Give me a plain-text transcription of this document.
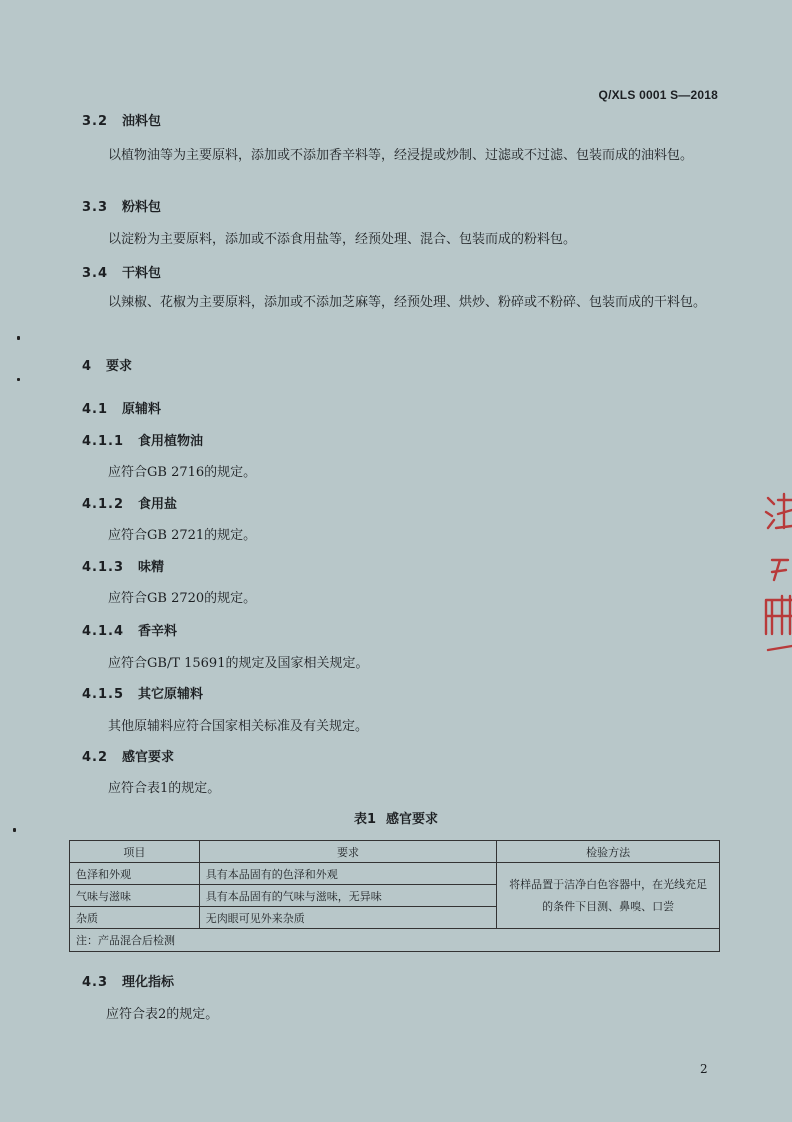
Q/XLS 0001 S—2018
3.2 油料包
以植物油等为主要原料，添加或不添加香辛料等，经浸提或炒制、过滤或不过滤、包装而成的油料包。
3.3 粉料包
以淀粉为主要原料，添加或不添食用盐等，经预处理、混合、包装而成的粉料包。
3.4 干料包
以辣椒、花椒为主要原料，添加或不添加芝麻等，经预处理、烘炒、粉碎或不粉碎、包装而成的干料包。
4 要求
4.1 原辅料
4.1.1 食用植物油
应符合GB 2716的规定。
4.1.2 食用盐
应符合GB 2721的规定。
4.1.3 味精
应符合GB 2720的规定。
4.1.4 香辛料
应符合GB/T 15691的规定及国家相关规定。
4.1.5 其它原辅料
其他原辅料应符合国家相关标准及有关规定。
4.2 感官要求
应符合表1的规定。
表1 感官要求
项目	要求	检验方法
色泽和外观	具有本品固有的色泽和外观	将样品置于洁净白色容器中，在光线充足的条件下目测、鼻嗅、口尝
气味与滋味	具有本品固有的气味与滋味，无异味	
杂质	无肉眼可见外来杂质	
注：产品混合后检测		
4.3 理化指标
应符合表2的规定。
2
